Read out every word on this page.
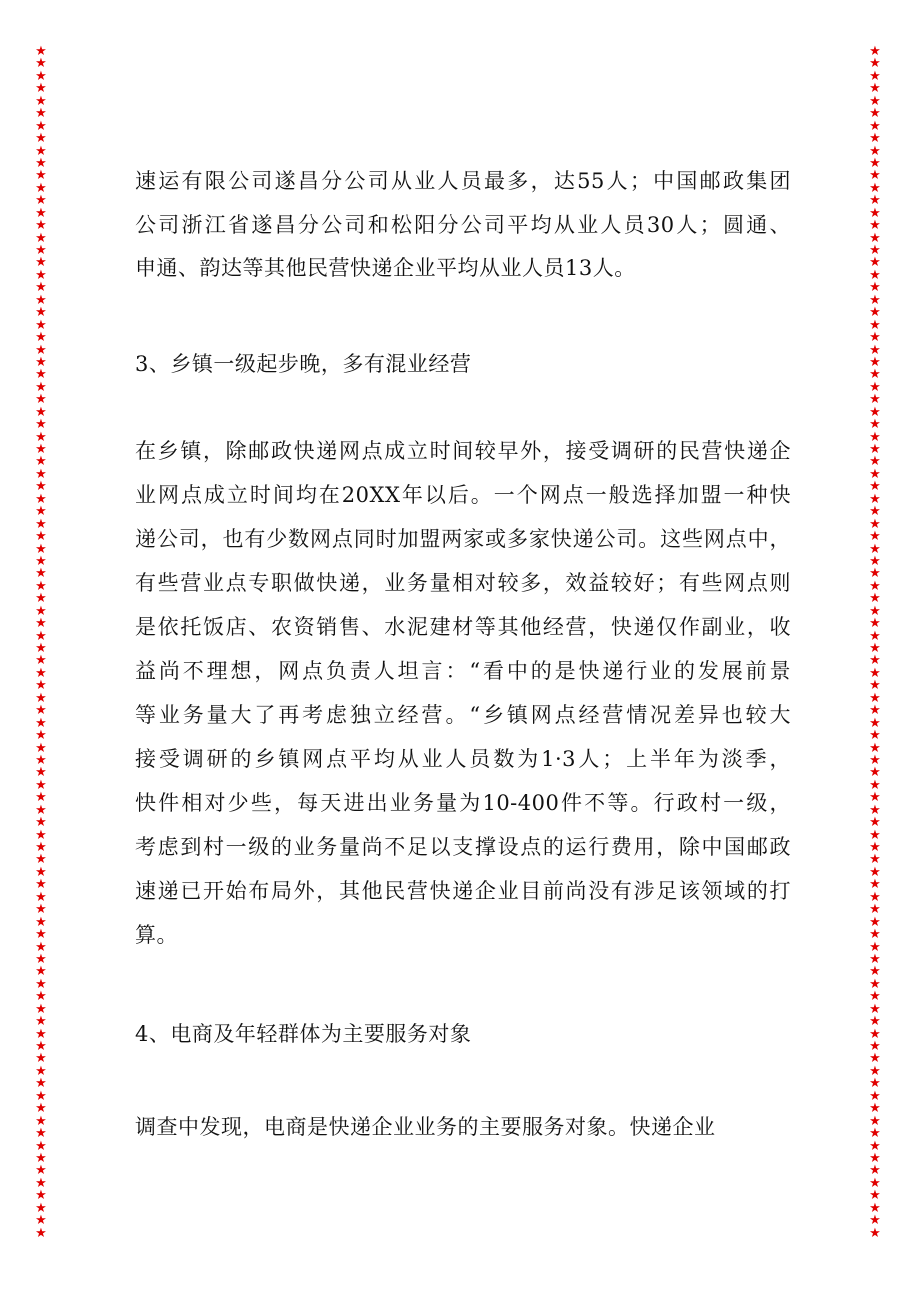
★
★
★
★
★
★
★
★
★
★
★
★
★
★
★
★
★
★
★
★
★
★
★
★
★
★
★
★
★
★
★
★
★
★
★
★
★
★
★
★
★
★
★
★
★
★
★
★
★
★
★
★
★
★
★
★
★
★
★
★
★
★
★
★
★
★
★
★
★
★
★
★
★
★
★
★
★
★
★
★
★
★
★
★
★
★
★
★
★
★
★
★
★
★
★
★
★
★
★
★
★
★
★
★
★
★
★
★
★
★
★
★
★
★
★
★
★
★
★
★
★
★
★
★
★
★
★
★
★
★
★
★
★
★
★
★
★
★
★
★
★
★
★
★
★
★
★
★
★
★
★
★
★
★
★
★
★
★
★
★
★
★
★
★
★
★
★
★
★
★
★
★
★
★
★
★
★
★
★
★
★
★
★
★
★
★
★
★
★
★
★
★
速运有限公司遂昌分公司从业人员最多，达55人；中国邮政集团
公司浙江省遂昌分公司和松阳分公司平均从业人员30人；圆通、
申通、韵达等其他民营快递企业平均从业人员13人。
3、乡镇一级起步晚，多有混业经营
在乡镇，除邮政快递网点成立时间较早外，接受调研的民营快递企
业网点成立时间均在20XX年以后。一个网点一般选择加盟一种快
递公司，也有少数网点同时加盟两家或多家快递公司。这些网点中，
有些营业点专职做快递，业务量相对较多，效益较好；有些网点则
是依托饭店、农资销售、水泥建材等其他经营，快递仅作副业，收
益尚不理想，网点负责人坦言：“看中的是快递行业的发展前景
等业务量大了再考虑独立经营。“乡镇网点经营情况差异也较大
接受调研的乡镇网点平均从业人员数为1·3人；上半年为淡季，
快件相对少些，每天进出业务量为10-400件不等。行政村一级，
考虑到村一级的业务量尚不足以支撑设点的运行费用，除中国邮政
速递已开始布局外，其他民营快递企业目前尚没有涉足该领域的打
算。
4、电商及年轻群体为主要服务对象
调查中发现，电商是快递企业业务的主要服务对象。快递企业
